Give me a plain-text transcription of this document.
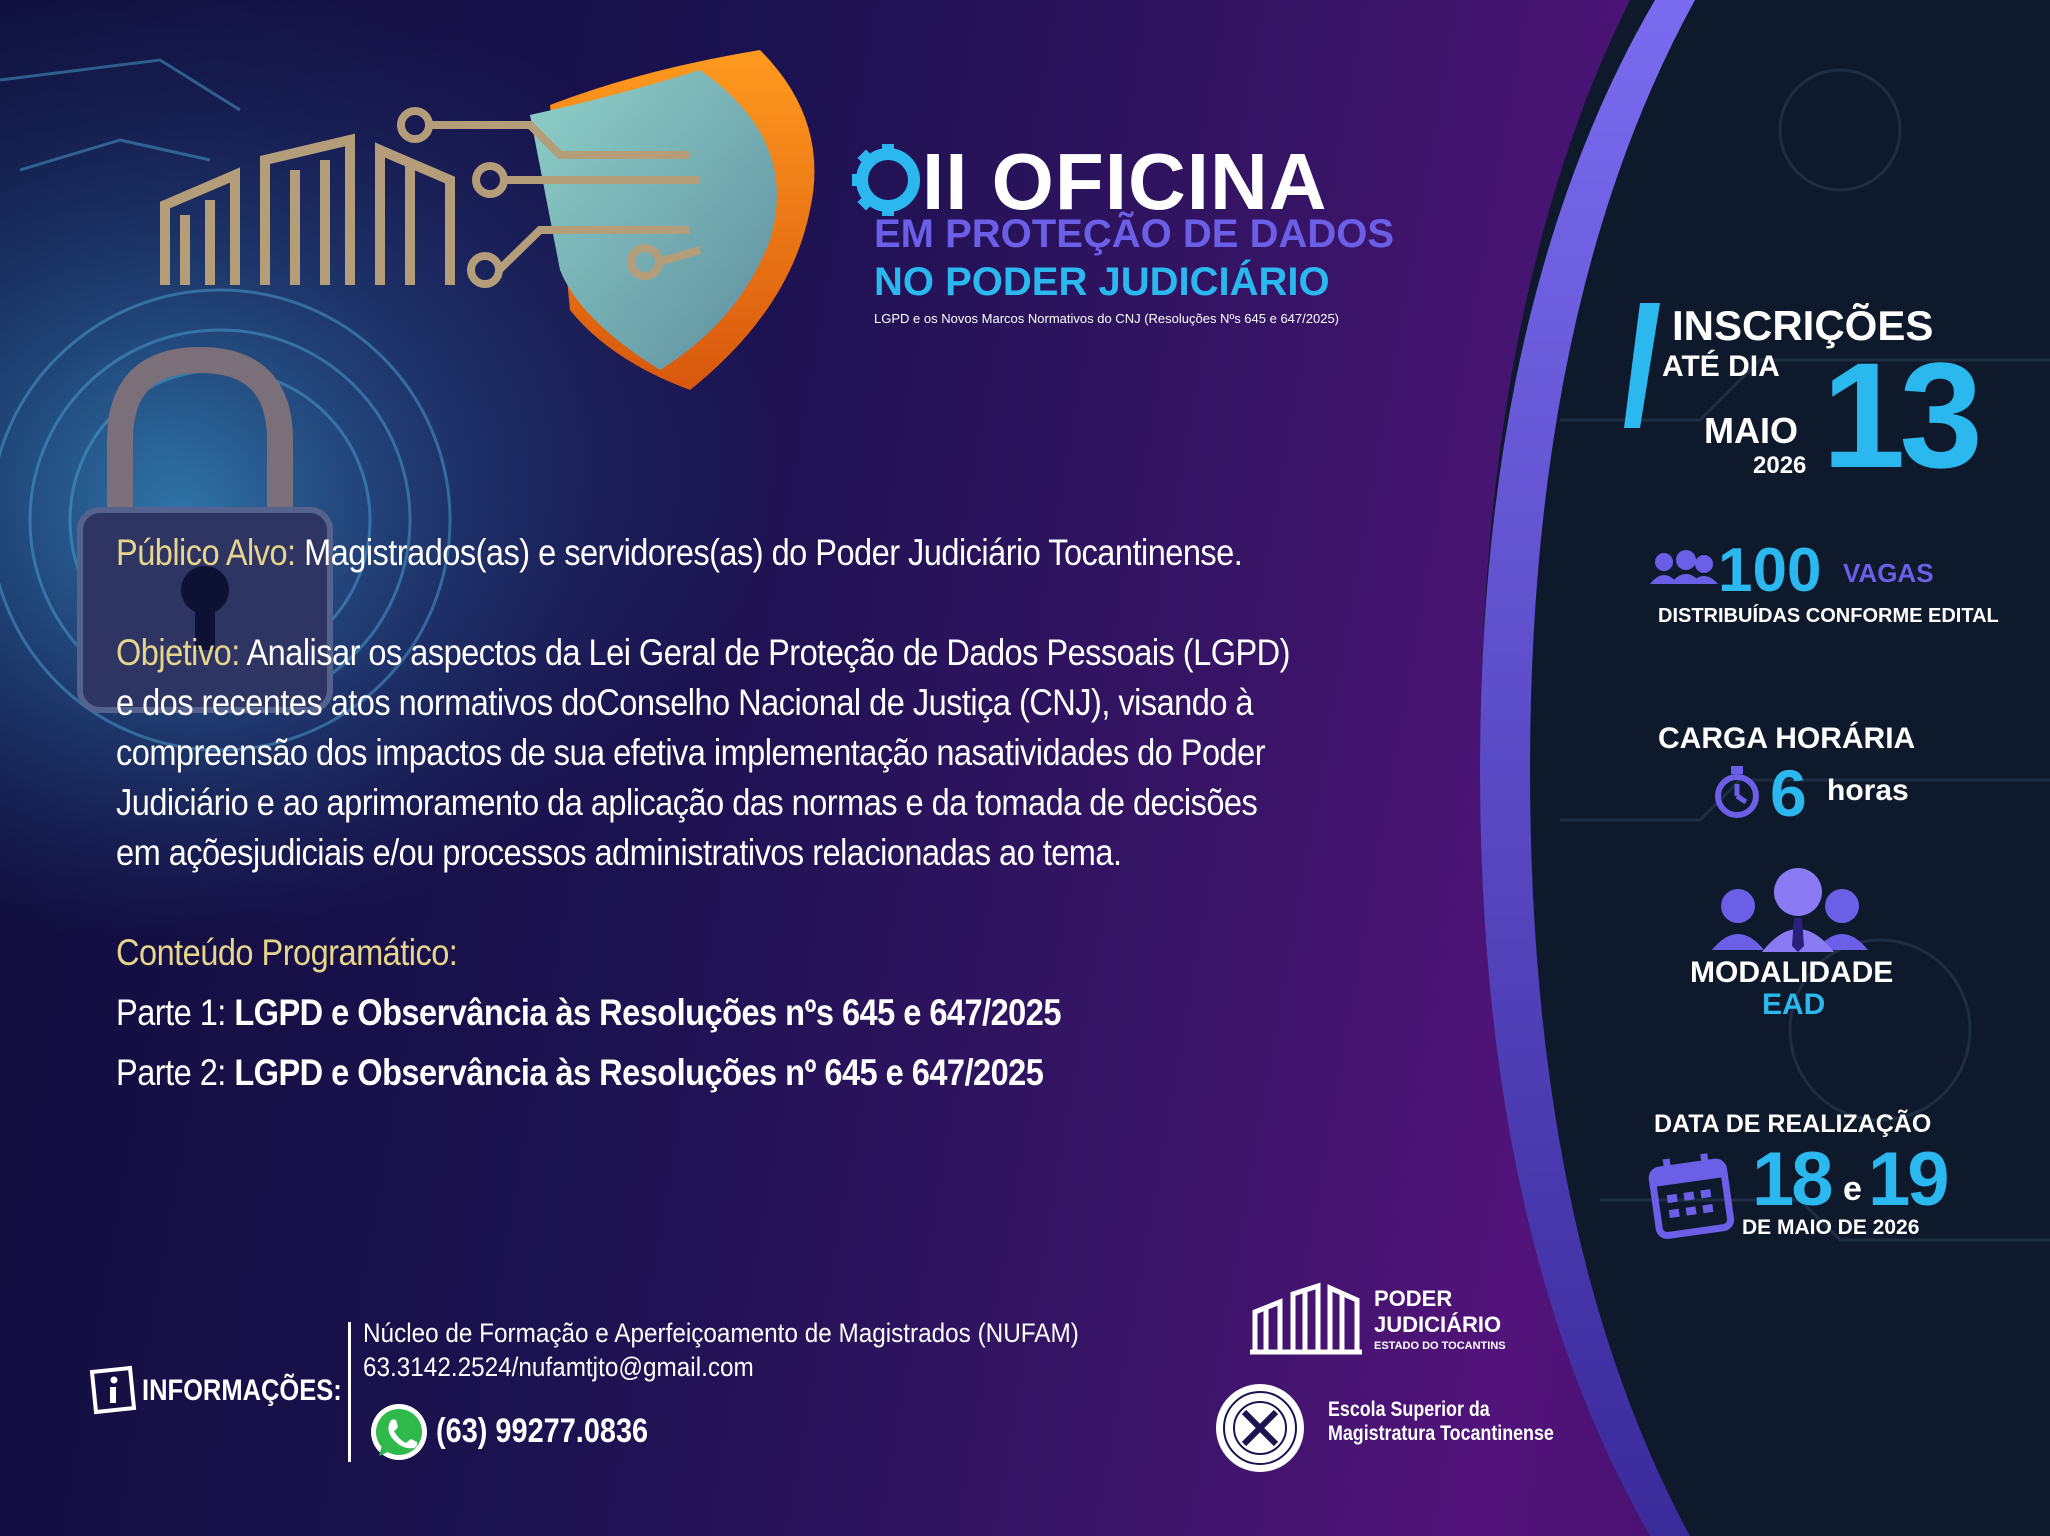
II OFICINA
EM PROTEÇÃO DE DADOS
NO PODER JUDICIÁRIO
LGPD e os Novos Marcos Normativos do CNJ (Resoluções Nºs 645 e 647/2025)
Público Alvo: Magistrados(as) e servidores(as) do Poder Judiciário Tocantinense.
Objetivo: Analisar os aspectos da Lei Geral de Proteção de Dados Pessoais (LGPD)
e dos recentes atos normativos doConselho Nacional de Justiça (CNJ), visando à
compreensão dos impactos de sua efetiva implementação nasatividades do Poder
Judiciário e ao aprimoramento da aplicação das normas e da tomada de decisões
em açõesjudiciais e/ou processos administrativos relacionadas ao tema.
Conteúdo Programático:
Parte 1: LGPD e Observância às Resoluções nºs 645 e 647/2025
Parte 2: LGPD e Observância às Resoluções nº 645 e 647/2025
INSCRIÇÕES
ATÉ DIA
MAIO
2026 13
100 VAGAS
DISTRIBUÍDAS CONFORME EDITAL
CARGA HORÁRIA
6 horas
MODALIDADE
EAD
DATA DE REALIZAÇÃO
18 e 19
DE MAIO DE 2026
INFORMAÇÕES:
Núcleo de Formação e Aperfeiçoamento de Magistrados (NUFAM)
63.3142.2524/nufamtjto@gmail.com
(63) 99277.0836
PODER
JUDICIÁRIO
ESTADO DO TOCANTINS
Escola Superior da
Magistratura Tocantinense
